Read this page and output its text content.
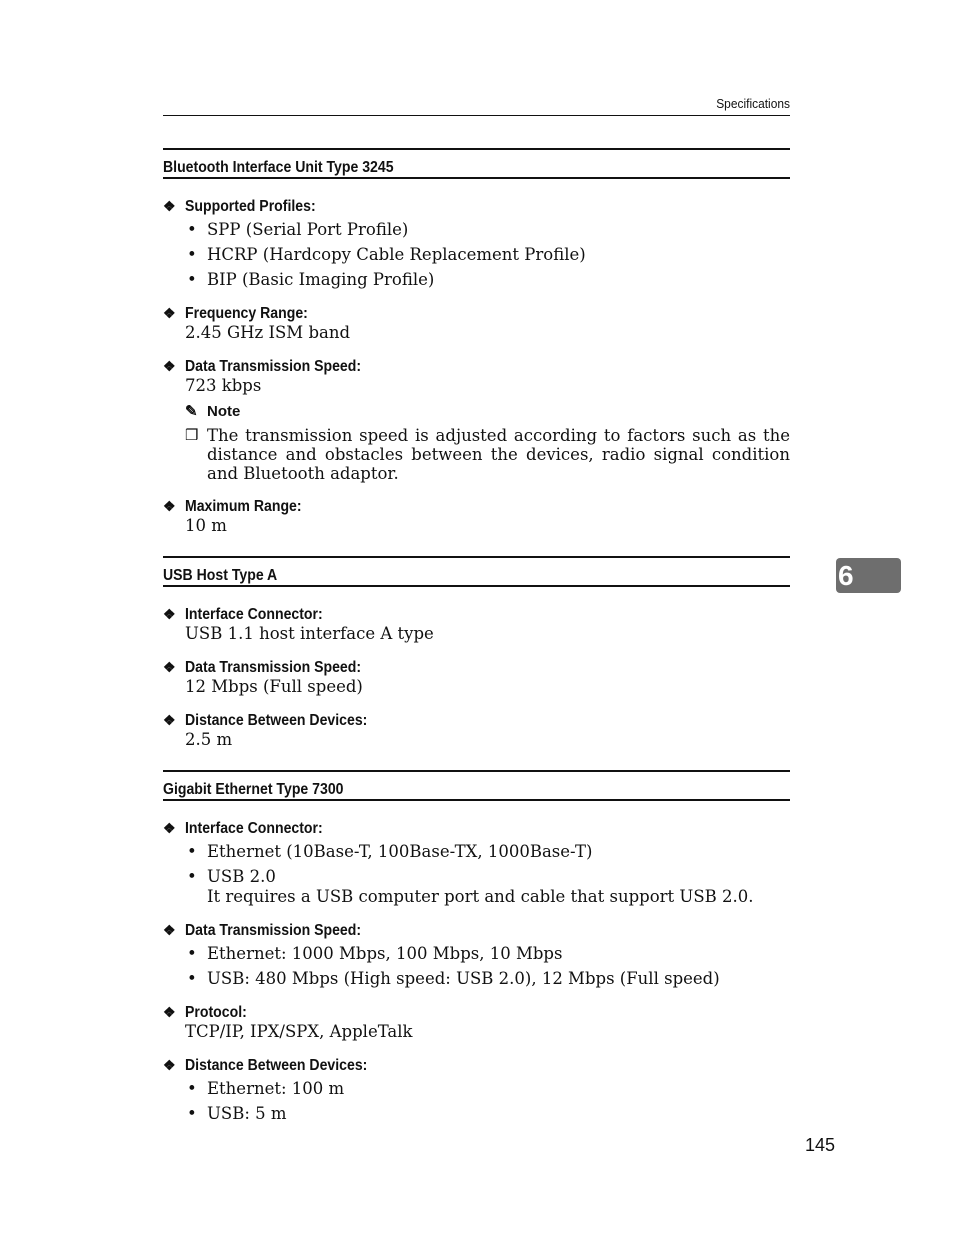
Specifications
Bluetooth Interface Unit Type 3245
❖ Supported Profiles:
• SPP (Serial Port Profile)
• HCRP (Hardcopy Cable Replacement Profile)
• BIP (Basic Imaging Profile)
❖ Frequency Range:
2.45 GHz ISM band
❖ Data Transmission Speed:
723 kbps
✎ Note
❒ The transmission speed is adjusted according to factors such as the distance and obstacles between the devices, radio signal condition and Bluetooth adaptor.
❖ Maximum Range:
10 m
USB Host Type A
❖ Interface Connector:
USB 1.1 host interface A type
❖ Data Transmission Speed:
12 Mbps (Full speed)
❖ Distance Between Devices:
2.5 m
Gigabit Ethernet Type 7300
❖ Interface Connector:
• Ethernet (10Base-T, 100Base-TX, 1000Base-T)
• USB 2.0
It requires a USB computer port and cable that support USB 2.0.
❖ Data Transmission Speed:
• Ethernet: 1000 Mbps, 100 Mbps, 10 Mbps
• USB: 480 Mbps (High speed: USB 2.0), 12 Mbps (Full speed)
❖ Protocol:
TCP/IP, IPX/SPX, AppleTalk
❖ Distance Between Devices:
• Ethernet: 100 m
• USB: 5 m
6
145
